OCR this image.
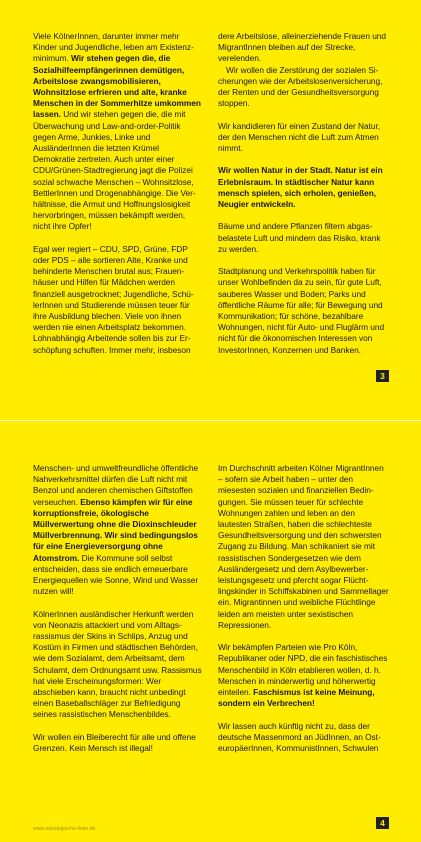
Viele KölnerInnen, darunter immer mehr Kinder und Jugendliche, leben am Existenzminimum. Wir stehen gegen die, die Sozialhilfeempfängerinnen demütigen, Arbeitslose zwangsmobilisieren, Wohnsitzlose erfrieren und alte, kranke Menschen in der Sommerhitze umkommen lassen. Und wir stehen gegen die, die mit Überwachung und Law-and-order-Politik gegen Arme, Junkies, Linke und AusländerInnen die letzten Krümel Demokratie zertreten. Auch unter einer CDU/Grünen-Stadtregierung jagt die Polizei sozial schwache Menschen – Wohnsitzlose, BettlerInnen und Drogenabhängige. Die Verhältnisse, die Armut und Hoffnungslosigkeit hervorbringen, müssen bekämpft werden, nicht ihre Opfer!

Egal wer regiert – CDU, SPD, Grüne, FDP oder PDS – alle sortieren Alte, Kranke und behinderte Menschen brutal aus; Frauenhäuser und Hilfen für Mädchen werden finanziell ausgetrocknet; Jugendliche, SchülerInnen und Studierende müssen teuer für ihre Ausbildung blechen. Viele von ihnen werden nie einen Arbeitsplatz bekommen. Lohnabhängig Arbeitende sollen bis zur Erschöpfung schuften. Immer mehr, insbeson

dere Arbeitslose, alleinerziehende Frauen und MigrantInnen bleiben auf der Strecke, verelenden.

Wir wollen die Zerstörung der sozialen Sicherungen wie der Arbeitslosenversicherung, der Renten und der Gesundheitsversorgung stoppen.

Wir kandidieren für einen Zustand der Natur, der den Menschen nicht die Luft zum Atmen nimmt.

Wir wollen Natur in der Stadt. Natur ist ein Erlebnisraum. In städtischer Natur kann mensch spielen, sich erholen, genießen, Neugier entwickeln.

Bäume und andere Pflanzen filtern abgasbelastete Luft und mindern das Risiko, krank zu werden.

Stadtplanung und Verkehrspolitik haben für unser Wohlbefinden da zu sein, für gute Luft, sauberes Wasser und Boden; Parks und öffentliche Räume für alle; für Bewegung und Kommunikation; für schöne, bezahlbare Wohnungen, nicht für Auto- und Fluglärm und nicht für die ökonomischen Interessen von InvestorInnen, Konzernen und Banken.

3

Menschen- und umweltfreundliche öffentliche Nahverkehrsmittel dürfen die Luft nicht mit Benzol und anderen chemischen Giftstoffen verseuchen. Ebenso kämpfen wir für eine korruptionsfreie, ökologische Müllverwertung ohne die Dioxinschleuder Müllverbrennung. Wir sind bedingungslos für eine Energieversorgung ohne Atomstrom. Die Kommune soll selbst entscheiden, dass sie endlich erneuerbare Energiequellen wie Sonne, Wind und Wasser nutzen will!

KölnerInnen ausländischer Herkunft werden von Neonazis attackiert und vom Alltagsrassismus der Skins in Schlips, Anzug und Kostüm in Firmen und städtischen Behörden, wie dem Sozialamt, dem Arbeitsamt, dem Schulamt, dem Ordnungsamt usw. Rassismus hat viele Erscheinungsformen: Wer abschieben kann, braucht nicht unbedingt einen Baseballschläger zur Befriedigung seines rassistischen Menschenbildes.

Wir wollen ein Bleiberecht für alle und offene Grenzen. Kein Mensch ist illegal!

Im Durchschnitt arbeiten Kölner MigrantInnen – sofern sie Arbeit haben – unter den miesesten sozialen und finanziellen Bedingungen. Sie müssen teuer für schlechte Wohnungen zahlen und leben an den lautesten Straßen, haben die schlechteste Gesundheitsversorgung und den schwersten Zugang zu Bildung. Man schikaniert sie mit rassistischen Sondergesetzen wie dem Ausländergesetz und dem Asylbewerberleistungsgesetz und pfercht sogar Flüchtlingskinder in Schiffskabinen und Sammellager ein. Migrantinnen und weibliche Flüchtlinge leiden am meisten unter sexistischen Repressionen.

Wir bekämpfen Parteien wie Pro Köln, Republikaner oder NPD, die ein faschistisches Menschenbild in Köln etablieren wollen, d. h. Menschen in minderwertig und höherwertig einteilen. Faschismus ist keine Meinung, sondern ein Verbrechen!

Wir lassen auch künftig nicht zu, dass der deutsche Massenmord an JüdInnen, an OsteuropäerInnen, KommunistInnen, Schwulen

www.oekologische-linke.de
4
